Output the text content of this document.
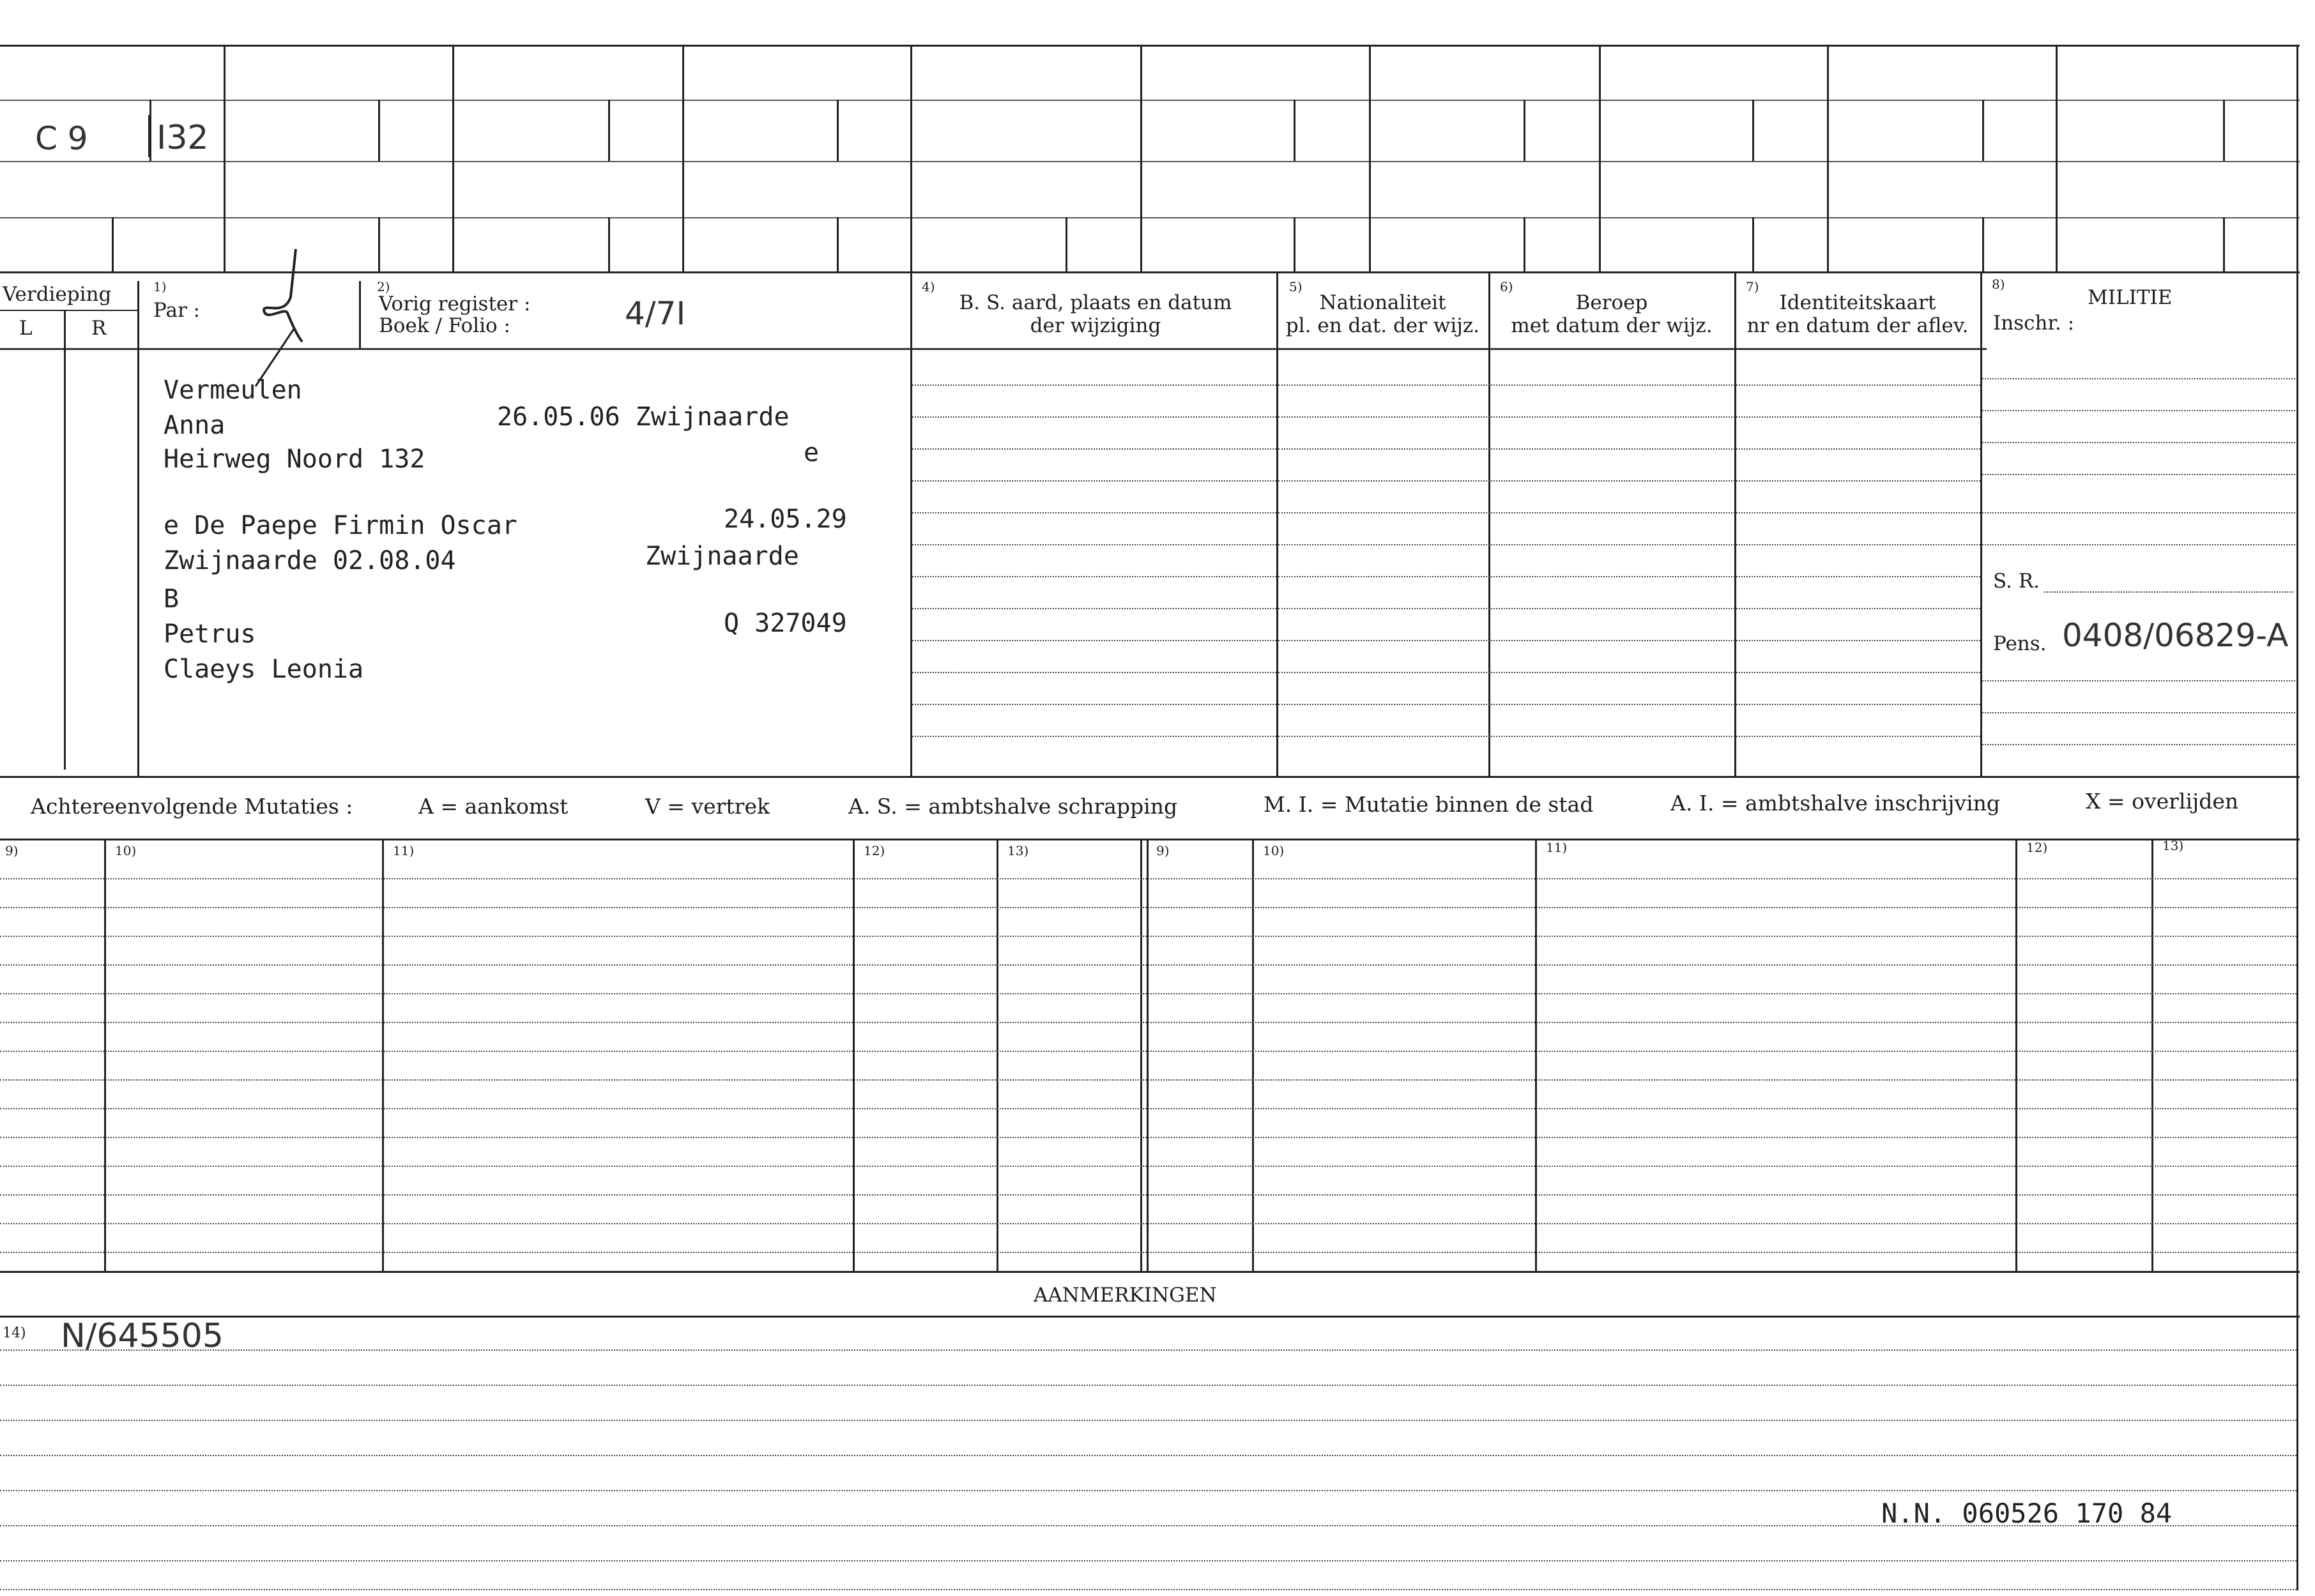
C 9 I32
Verdieping
L	R
1)
Par :
2)
Vorig register :
Boek / Folio :	4/7I
4)
B. S. aard, plaats en datum
der wijziging
5)
Nationaliteit
pl. en dat. der wijz.
6)
Beroep
met datum der wijz.
7)
Identiteitskaart
nr en datum der aflev.
8)
MILITIE
Inschr. :
S. R.
Pens. 0408/06829-A
Vermeulen
Anna	26.05.06 Zwijnaarde
Heirweg Noord 132	e
e De Paepe Firmin Oscar	24.05.29
Zwijnaarde 02.08.04	Zwijnaarde
B
Petrus	Q 327049
Claeys Leonia
Achtereenvolgende Mutaties :	A = aankomst	V = vertrek	A. S. = ambtshalve schrapping	M. I. = Mutatie binnen de stad	A. I. = ambtshalve inschrijving	X = overlijden
9)	10)	11)	12)	13)	9)	10)	11)	12)	13)
AANMERKINGEN
14) N/645505
N.N. 060526 170 84
